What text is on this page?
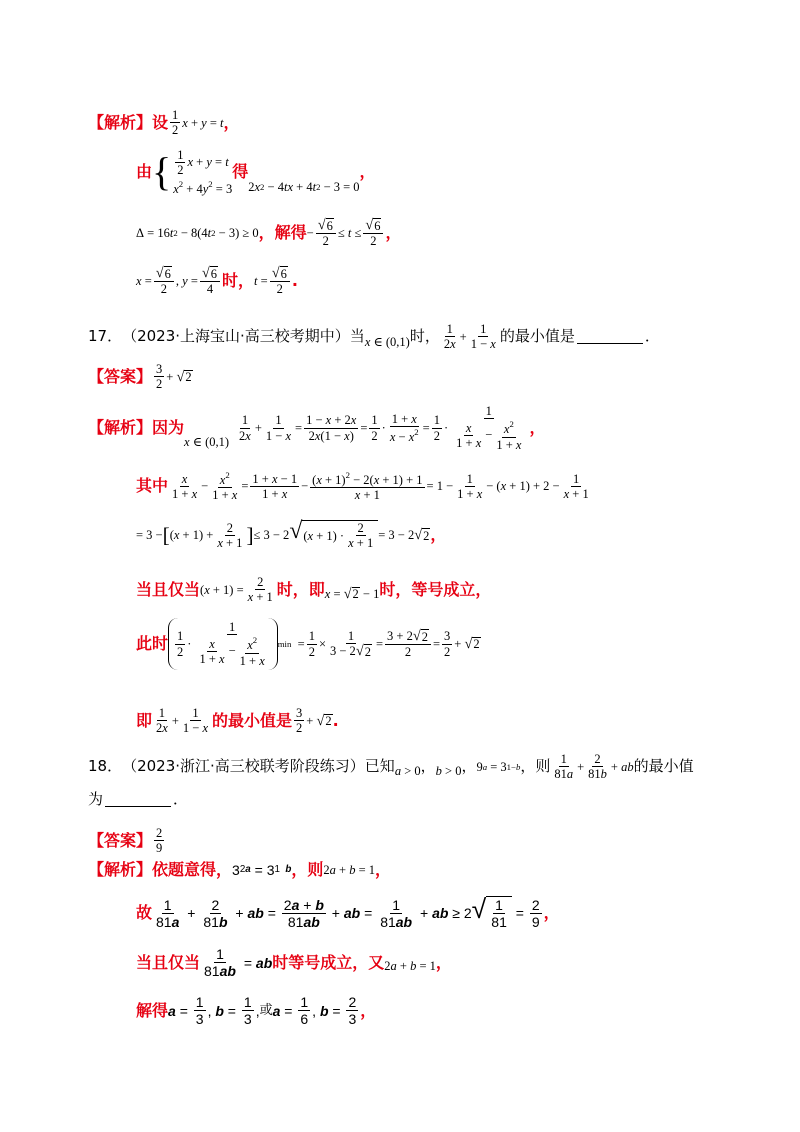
【解析】 设 $\frac{1}{2}$ x + y = t ，
由 { $\frac{1}{2}$ x + y = t
$x^2 + 4y^2 = 3$
得
2 x 2 − 4 tx + 4 t 2 − 3 = 0
，
Δ = 16 t 2 − 8(4 t 2 − 3) ≥ 0 ，解得 − $\frac{√ 6}{2} \le t \le \frac{√ 6}{2}$ ，
$x = \frac{√ 6}{2}$ , $y = \frac{√ 6}{4}$ 时， $t = \frac{√ 6}{2}$ .
17． （2023·上海宝山·高三校考期中）当 x ∈ (0,1) 时， $\frac{1}{2x} + \frac{1}{1 - x}$ 的最小值是	．
【答案】 $\frac{3}{2}$ + √ 2
【解析】 因为
x ∈ $(0,1) \frac{1}{2x} + \frac{1}{1 - x} = \frac{1 - x + 2x}{2x(1 - x)} = \frac{1}{2} \cdot \frac{1 + x}{x - x^2} = \frac{1}{2} \cdot \frac{1}{\frac{x}{1 + x} - \frac{x^2}{1 + x}}$ ，
其中 $\frac{x}{1 + x} - \frac{x^2}{1 + x} = \frac{1 + x - 1}{1 + x} - \frac{(x + 1)^2 - 2(x + 1) + 1}{x + 1} = 1 - \frac{1}{1 + x}$ − ( $x + 1) + 2 - \frac{1}{x + 1}$
= 3 − [ ( $x + 1) + \frac{2}{x + 1}$ ] ≤ 3 − 2 √ ( $x + 1) \cdot \frac{2}{x + 1} = 3 - 2$ √ 2 ，
当且仅当 ( $x + 1) = \frac{2}{x + 1}$ 时，即 x = √ 2 − 1 时，等号成立，
此时 $\frac{1}{2} \cdot \frac{1}{\frac{x}{1 + x} - \frac{x^2}{1 + x}}$ $\min = \frac{1}{2} \times \frac{1}{3 - 2 √ 2} = \frac{3 + 2 √ 2}{2} = \frac{3}{2}$ + √ 2
即 $\frac{1}{2x} + \frac{1}{1 - x}$ 的最小值是 $\frac{3}{2}$ + √ 2 .
18． （2023·浙江·高三校联考阶段练习）已知 a > 0 ， b > 0 ， 9 a = 3 1−b ，则 $\frac{1}{81a} + \frac{2}{81b}$ + ab 的最小值
为	．
【答案】 $\frac{2}{9}$
【解析】 依题意得， 3 2a = 3 1  b ，则 2 a + b = 1 ，
故 $\frac{1}{81a} + \frac{2}{81b}$ + ab = $\frac{2a + b}{81ab}$ + ab = $\frac{1}{81ab}$ + ab ≥ 2 √ $\frac{1}{81} = \frac{2}{9}$ ，
当且仅当 $\frac{1}{81ab}$ = ab 时等号成立，又 2 a + b = 1 ，
解得 $a = \frac{1}{3}$ , $b = \frac{1}{3}$ , 或 $a = \frac{1}{6}$ , $b = \frac{2}{3}$ ，
